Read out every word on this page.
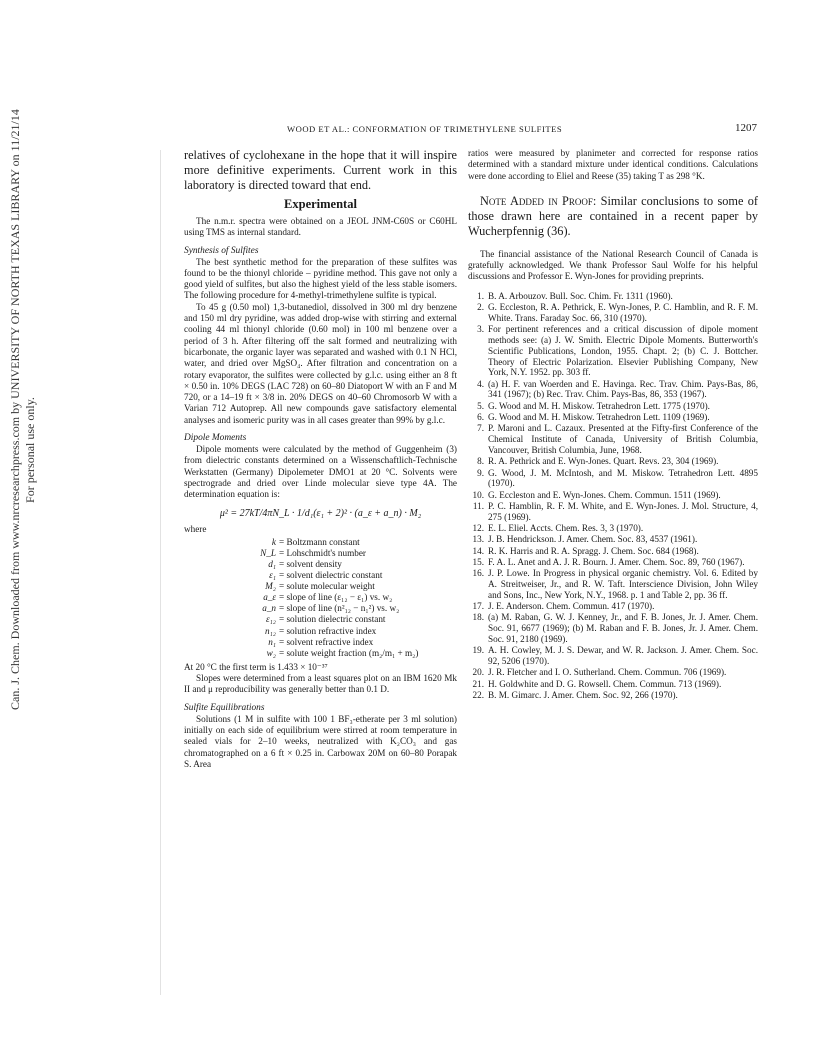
Can. J. Chem. Downloaded from www.nrcresearchpress.com by UNIVERSITY OF NORTH TEXAS LIBRARY on 11/21/14 For personal use only.
WOOD ET AL.: CONFORMATION OF TRIMETHYLENE SULFITES	1207

relatives of cyclohexane in the hope that it will inspire more definitive experiments. Current work in this laboratory is directed toward that end.

Experimental

The n.m.r. spectra were obtained on a JEOL JNM-C60S or C60HL using TMS as internal standard.

Synthesis of Sulfites

The best synthetic method for the preparation of these sulfites was found to be the thionyl chloride – pyridine method. This gave not only a good yield of sulfites, but also the highest yield of the less stable isomers. The following procedure for 4-methyl-trimethylene sulfite is typical.

To 45 g (0.50 mol) 1,3-butanediol, dissolved in 300 ml dry benzene and 150 ml dry pyridine, was added drop-wise with stirring and external cooling 44 ml thionyl chloride (0.60 mol) in 100 ml benzene over a period of 3 h. After filtering off the salt formed and neutralizing with bicarbonate, the organic layer was separated and washed with 0.1 N HCl, water, and dried over MgSO₄. After filtration and concentration on a rotary evaporator, the sulfites were collected by g.l.c. using either an 8 ft × 0.50 in. 10% DEGS (LAC 728) on 60–80 Diatoport W with an F and M 720, or a 14–19 ft × 3/8 in. 20% DEGS on 40–60 Chromosorb W with a Varian 712 Autoprep. All new compounds gave satisfactory elemental analyses and isomeric purity was in all cases greater than 99% by g.l.c.

Dipole Moments

Dipole moments were calculated by the method of Guggenheim (3) from dielectric constants determined on a Wissenschaftlich-Technische Werkstatten (Germany) Dipolemeter DMO1 at 20 °C. Solvents were spectrograde and dried over Linde molecular sieve type 4A. The determination equation is:

μ² = 27kT/4πN_L · 1/d₁(ε₁ + 2)² · (a_ε + a_n) · M₂
where
k = Boltzmann constant
N_L = Lohschmidt's number
d₁ = solvent density
ε₁ = solvent dielectric constant
M₂ = solute molecular weight
a_ε = slope of line (ε₁₂ − ε₁) vs. w₂
a_n = slope of line (n²₁₂ − n₁²) vs. w₂
ε₁₂ = solution dielectric constant
n₁₂ = solution refractive index
n₁ = solvent refractive index
w₂ = solute weight fraction (m₂/m₁ + m₂)

At 20 °C the first term is 1.433 × 10⁻³⁷

Slopes were determined from a least squares plot on an IBM 1620 Mk II and μ reproducibility was generally better than 0.1 D.

Sulfite Equilibrations

Solutions (1 M in sulfite with 100 1 BF₃-etherate per 3 ml solution) initially on each side of equilibrium were stirred at room temperature in sealed vials for 2–10 weeks, neutralized with K₂CO₃ and gas chromatographed on a 6 ft × 0.25 in. Carbowax 20M on 60–80 Porapak S. Area

ratios were measured by planimeter and corrected for response ratios determined with a standard mixture under identical conditions. Calculations were done according to Eliel and Reese (35) taking T as 298 °K.

Note Added in Proof: Similar conclusions to some of those drawn here are contained in a recent paper by Wucherpfennig (36).

The financial assistance of the National Research Council of Canada is gratefully acknowledged. We thank Professor Saul Wolfe for his helpful discussions and Professor E. Wyn-Jones for providing preprints.

1. B. A. Arbouzov. Bull. Soc. Chim. Fr. 1311 (1960).
2. G. Eccleston, R. A. Pethrick, E. Wyn-Jones, P. C. Hamblin, and R. F. M. White. Trans. Faraday Soc. 66, 310 (1970).
3. For pertinent references and a critical discussion of dipole moment methods see: (a) J. W. Smith. Electric Dipole Moments. Butterworth's Scientific Publications, London, 1955. Chapt. 2; (b) C. J. Bottcher. Theory of Electric Polarization. Elsevier Publishing Company, New York, N.Y. 1952. pp. 303 ff.
4. (a) H. F. van Woerden and E. Havinga. Rec. Trav. Chim. Pays-Bas, 86, 341 (1967); (b) Rec. Trav. Chim. Pays-Bas, 86, 353 (1967).
5. G. Wood and M. H. Miskow. Tetrahedron Lett. 1775 (1970).
6. G. Wood and M. H. Miskow. Tetrahedron Lett. 1109 (1969).
7. P. Maroni and L. Cazaux. Presented at the Fifty-first Conference of the Chemical Institute of Canada, University of British Columbia, Vancouver, British Columbia, June, 1968.
8. R. A. Pethrick and E. Wyn-Jones. Quart. Revs. 23, 304 (1969).
9. G. Wood, J. M. McIntosh, and M. Miskow. Tetrahedron Lett. 4895 (1970).
10. G. Eccleston and E. Wyn-Jones. Chem. Commun. 1511 (1969).
11. P. C. Hamblin, R. F. M. White, and E. Wyn-Jones. J. Mol. Structure, 4, 275 (1969).
12. E. L. Eliel. Accts. Chem. Res. 3, 3 (1970).
13. J. B. Hendrickson. J. Amer. Chem. Soc. 83, 4537 (1961).
14. R. K. Harris and R. A. Spragg. J. Chem. Soc. 684 (1968).
15. F. A. L. Anet and A. J. R. Bourn. J. Amer. Chem. Soc. 89, 760 (1967).
16. J. P. Lowe. In Progress in physical organic chemistry. Vol. 6. Edited by A. Streitweiser, Jr., and R. W. Taft. Interscience Division, John Wiley and Sons, Inc., New York, N.Y., 1968. p. 1 and Table 2, pp. 36 ff.
17. J. E. Anderson. Chem. Commun. 417 (1970).
18. (a) M. Raban, G. W. J. Kenney, Jr., and F. B. Jones, Jr. J. Amer. Chem. Soc. 91, 6677 (1969); (b) M. Raban and F. B. Jones, Jr. J. Amer. Chem. Soc. 91, 2180 (1969).
19. A. H. Cowley, M. J. S. Dewar, and W. R. Jackson. J. Amer. Chem. Soc. 92, 5206 (1970).
20. J. R. Fletcher and I. O. Sutherland. Chem. Commun. 706 (1969).
21. H. Goldwhite and D. G. Rowsell. Chem. Commun. 713 (1969).
22. B. M. Gimarc. J. Amer. Chem. Soc. 92, 266 (1970).
